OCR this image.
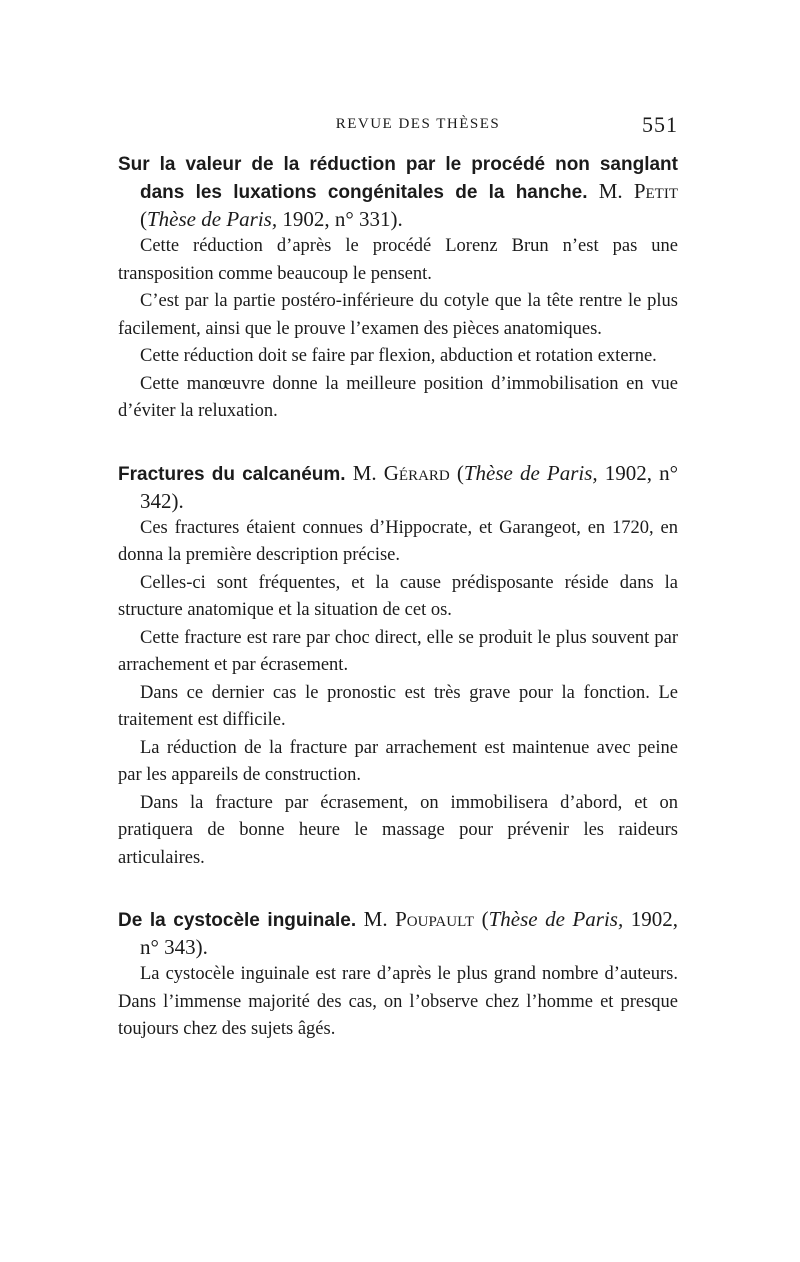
REVUE DES THÈSES	551

Sur la valeur de la réduction par le procédé non sanglant dans les luxations congénitales de la hanche. M. Petit (Thèse de Paris, 1902, n° 331).

Cette réduction d’après le procédé Lorenz Brun n’est pas une transposition comme beaucoup le pensent.

C’est par la partie postéro-inférieure du cotyle que la tête rentre le plus facilement, ainsi que le prouve l’examen des pièces anatomiques.

Cette réduction doit se faire par flexion, abduction et rotation externe.

Cette manœuvre donne la meilleure position d’immobilisation en vue d’éviter la reluxation.

Fractures du calcanéum. M. Gérard (Thèse de Paris, 1902, n° 342).

Ces fractures étaient connues d’Hippocrate, et Garangeot, en 1720, en donna la première description précise.

Celles-ci sont fréquentes, et la cause prédisposante réside dans la structure anatomique et la situation de cet os.

Cette fracture est rare par choc direct, elle se produit le plus souvent par arrachement et par écrasement.

Dans ce dernier cas le pronostic est très grave pour la fonction. Le traitement est difficile.

La réduction de la fracture par arrachement est maintenue avec peine par les appareils de construction.

Dans la fracture par écrasement, on immobilisera d’abord, et on pratiquera de bonne heure le massage pour prévenir les raideurs articulaires.

De la cystocèle inguinale. M. Poupault (Thèse de Paris, 1902, n° 343).

La cystocèle inguinale est rare d’après le plus grand nombre d’auteurs. Dans l’immense majorité des cas, on l’observe chez l’homme et presque toujours chez des sujets âgés.
